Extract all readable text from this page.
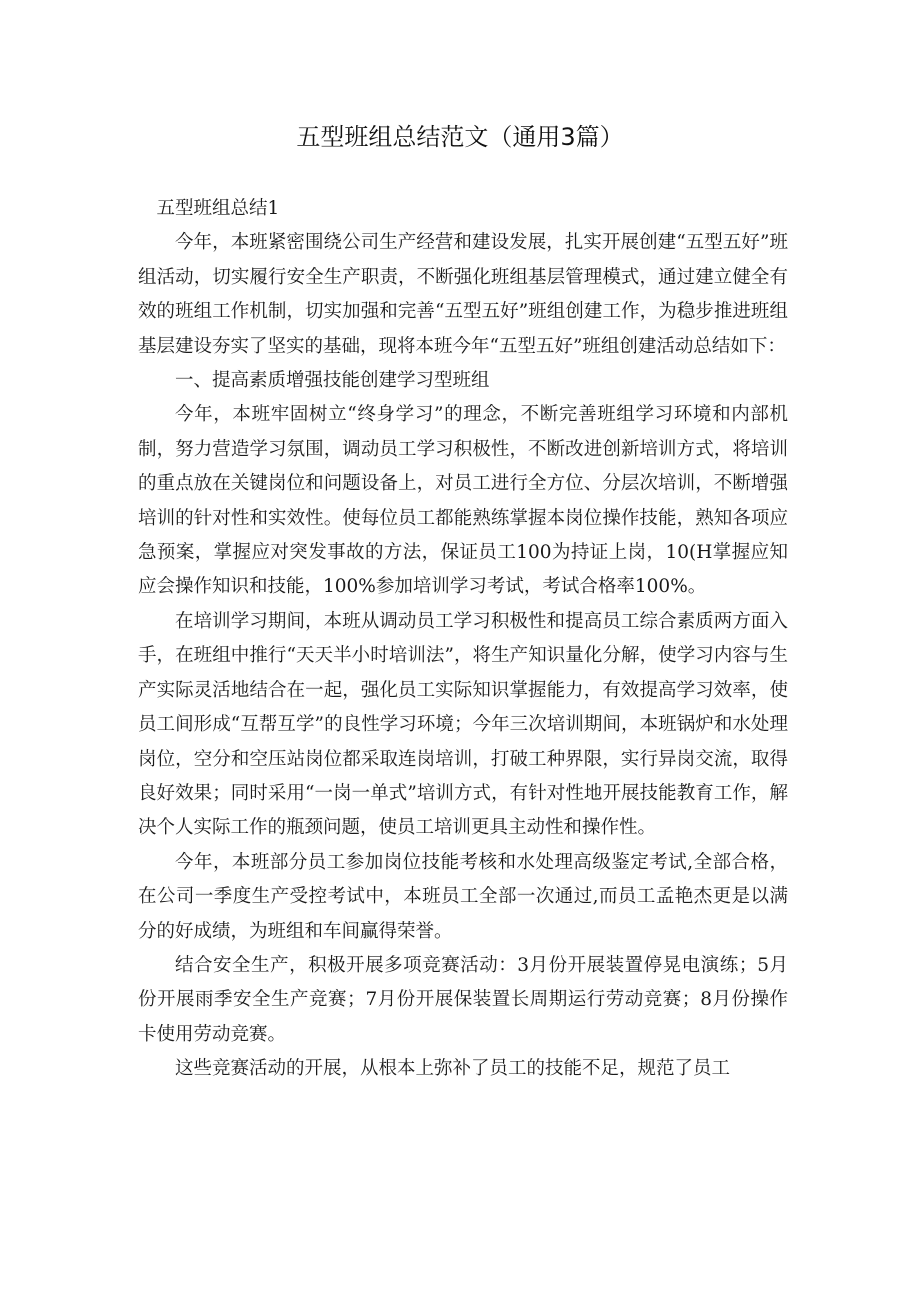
五型班组总结范文（通用3篇）

五型班组总结1

今年，本班紧密围绕公司生产经营和建设发展，扎实开展创建“五型五好”班组活动，切实履行安全生产职责，不断强化班组基层管理模式，通过建立健全有效的班组工作机制，切实加强和完善“五型五好”班组创建工作，为稳步推进班组基层建设夯实了坚实的基础，现将本班今年“五型五好”班组创建活动总结如下：

一、提高素质增强技能创建学习型班组

今年，本班牢固树立“终身学习”的理念，不断完善班组学习环境和内部机制，努力营造学习氛围，调动员工学习积极性，不断改进创新培训方式，将培训的重点放在关键岗位和问题设备上，对员工进行全方位、分层次培训，不断增强培训的针对性和实效性。使每位员工都能熟练掌握本岗位操作技能，熟知各项应急预案，掌握应对突发事故的方法，保证员工100为持证上岗，10(H掌握应知应会操作知识和技能，100%参加培训学习考试，考试合格率100%。

在培训学习期间，本班从调动员工学习积极性和提高员工综合素质两方面入手，在班组中推行“天天半小时培训法”，将生产知识量化分解，使学习内容与生产实际灵活地结合在一起，强化员工实际知识掌握能力，有效提高学习效率，使员工间形成“互帮互学”的良性学习环境；今年三次培训期间，本班锅炉和水处理岗位，空分和空压站岗位都采取连岗培训，打破工种界限，实行异岗交流，取得良好效果；同时采用“一岗一单式”培训方式，有针对性地开展技能教育工作，解决个人实际工作的瓶颈问题，使员工培训更具主动性和操作性。

今年，本班部分员工参加岗位技能考核和水处理高级鉴定考试,全部合格，在公司一季度生产受控考试中，本班员工全部一次通过,而员工孟艳杰更是以满分的好成绩，为班组和车间赢得荣誉。

结合安全生产，积极开展多项竞赛活动：3月份开展装置停晃电演练；5月份开展雨季安全生产竞赛；7月份开展保装置长周期运行劳动竞赛；8月份操作卡使用劳动竞赛。

这些竞赛活动的开展，从根本上弥补了员工的技能不足，规范了员工
